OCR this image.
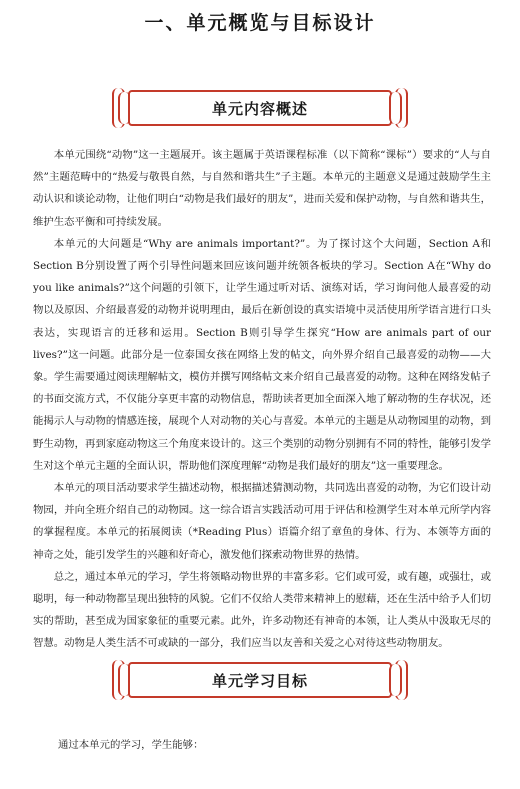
一、单元概览与目标设计
单元内容概述

本单元围绕“动物”这一主题展开。该主题属于英语课程标准（以下简称“课标”）要求的“人与自然”主题范畴中的“热爱与敬畏自然，与自然和谐共生”子主题。本单元的主题意义是通过鼓励学生主动认识和谈论动物，让他们明白“动物是我们最好的朋友”，进而关爱和保护动物，与自然和谐共生，维护生态平衡和可持续发展。

本单元的大问题是“Why are animals important?”。为了探讨这个大问题，Section A和Section B分别设置了两个引导性问题来回应该问题并统领各板块的学习。Section A在“Why do you like animals?”这个问题的引领下，让学生通过听对话、演练对话，学习询问他人最喜爱的动物以及原因、介绍最喜爱的动物并说明理由，最后在新创设的真实语境中灵活使用所学语言进行口头表达，实现语言的迁移和运用。Section B则引导学生探究“How are animals part of our lives?”这一问题。此部分是一位泰国女孩在网络上发的帖文，向外界介绍自己最喜爱的动物——大象。学生需要通过阅读理解帖文，模仿并撰写网络帖文来介绍自己最喜爱的动物。这种在网络发帖子的书面交流方式，不仅能分享更丰富的动物信息，帮助读者更加全面深入地了解动物的生存状况，还能揭示人与动物的情感连接，展现个人对动物的关心与喜爱。本单元的主题是从动物园里的动物，到野生动物，再到家庭动物这三个角度来设计的。这三个类别的动物分别拥有不同的特性，能够引发学生对这个单元主题的全面认识，帮助他们深度理解“动物是我们最好的朋友”这一重要理念。

本单元的项目活动要求学生描述动物，根据描述猜测动物，共同选出喜爱的动物，为它们设计动物园，并向全班介绍自己的动物园。这一综合语言实践活动可用于评估和检测学生对本单元所学内容的掌握程度。本单元的拓展阅读（*Reading Plus）语篇介绍了章鱼的身体、行为、本领等方面的神奇之处，能引发学生的兴趣和好奇心，激发他们探索动物世界的热情。

总之，通过本单元的学习，学生将领略动物世界的丰富多彩。它们或可爱，或有趣，或强壮，或聪明，每一种动物都呈现出独特的风貌。它们不仅给人类带来精神上的慰藉，还在生活中给予人们切实的帮助，甚至成为国家象征的重要元素。此外，许多动物还有神奇的本领，让人类从中汲取无尽的智慧。动物是人类生活不可或缺的一部分，我们应当以友善和关爱之心对待这些动物朋友。

单元学习目标
通过本单元的学习，学生能够：
